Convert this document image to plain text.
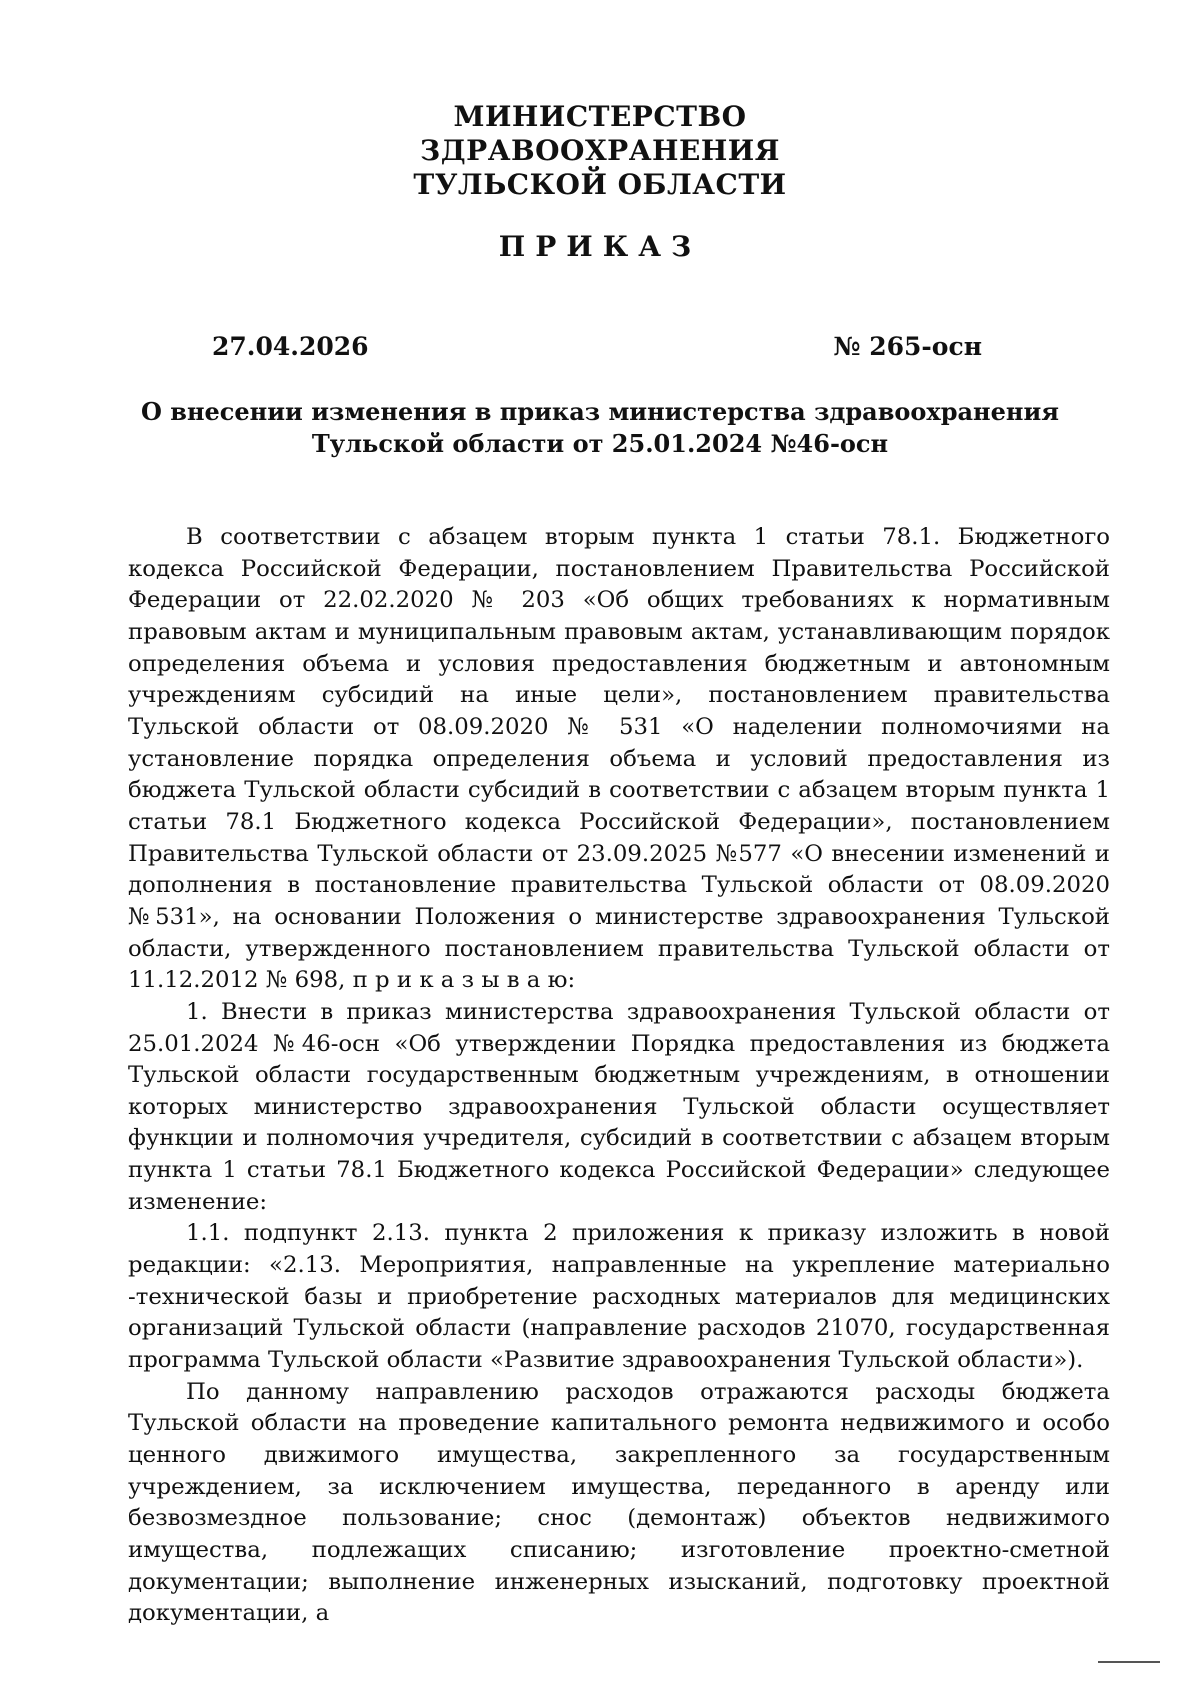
МИНИСТЕРСТВО
ЗДРАВООХРАНЕНИЯ
ТУЛЬСКОЙ ОБЛАСТИ
ПРИКАЗ
27.04.2026	№ 265-осн
О внесении изменения в приказ министерства здравоохранения
Тульской области от 25.01.2024 №46-осн

В соответствии с абзацем вторым пункта 1 статьи 78.1. Бюджетного кодекса Российской Федерации, постановлением Правительства Российской Федерации от 22.02.2020 № 203 «Об общих требованиях к нормативным правовым актам и муниципальным правовым актам, устанавливающим порядок определения объема и условия предоставления бюджетным и автономным учреждениям субсидий на иные цели», постановлением правительства Тульской области от 08.09.2020 № 531 «О наделении полномочиями на установление порядка определения объема и условий предоставления из бюджета Тульской области субсидий в соответствии с абзацем вторым пункта 1 статьи 78.1 Бюджетного кодекса Российской Федерации», постановлением Правительства Тульской области от 23.09.2025 №577 «О внесении изменений и дополнения в постановление правительства Тульской области от 08.09.2020 №531», на основании Положения о министерстве здравоохранения Тульской области, утвержденного постановлением правительства Тульской области от 11.12.2012 № 698, п р и к а з ы в а ю:

1. Внести в приказ министерства здравоохранения Тульской области от 25.01.2024 №46-осн «Об утверждении Порядка предоставления из бюджета Тульской области государственным бюджетным учреждениям, в отношении которых министерство здравоохранения Тульской области осуществляет функции и полномочия учредителя, субсидий в соответствии с абзацем вторым пункта 1 статьи 78.1 Бюджетного кодекса Российской Федерации» следующее изменение:

1.1. подпункт 2.13. пункта 2 приложения к приказу изложить в новой редакции: «2.13. Мероприятия, направленные на укрепление материально -технической базы и приобретение расходных материалов для медицинских организаций Тульской области (направление расходов 21070, государственная программа Тульской области «Развитие здравоохранения Тульской области»).

По данному направлению расходов отражаются расходы бюджета Тульской области на проведение капитального ремонта недвижимого и особо ценного движимого имущества, закрепленного за государственным учреждением, за исключением имущества, переданного в аренду или безвозмездное пользование; снос (демонтаж) объектов недвижимого имущества, подлежащих списанию; изготовление проектно-сметной документации; выполнение инженерных изысканий, подготовку проектной документации, а
